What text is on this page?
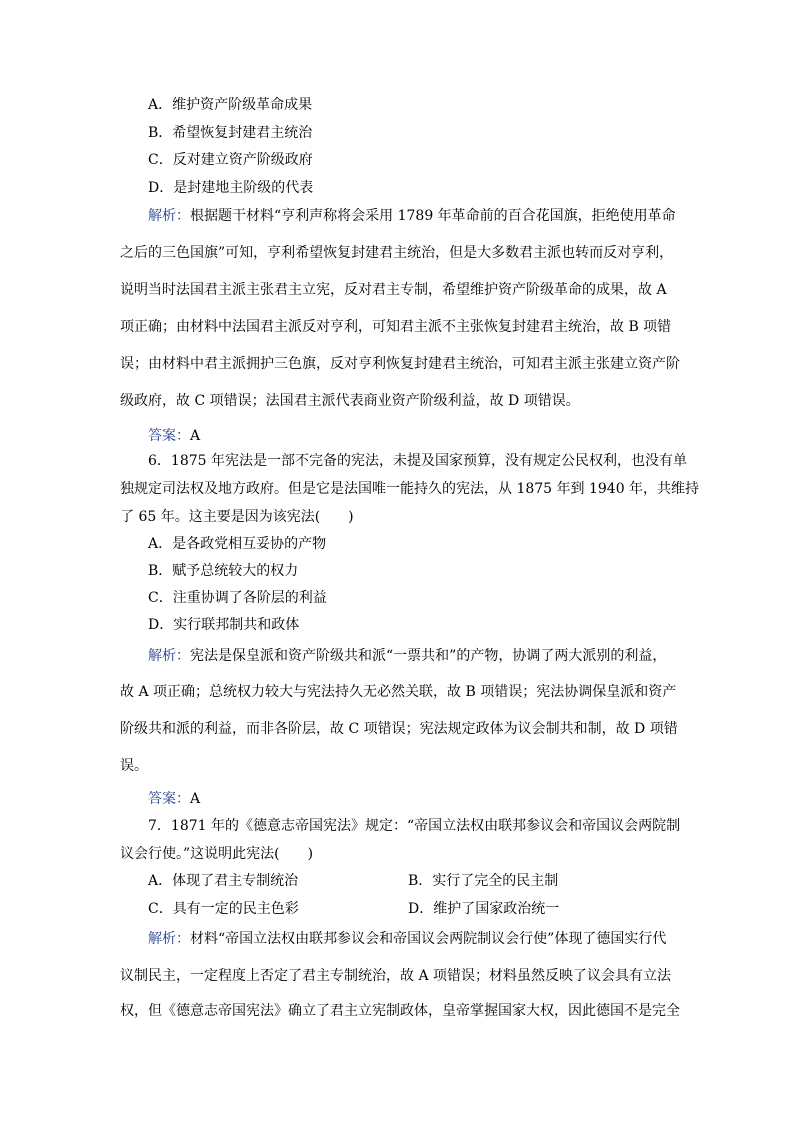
A．维护资产阶级革命成果
B．希望恢复封建君主统治
C．反对建立资产阶级政府
D．是封建地主阶级的代表
解析：根据题干材料“亨利声称将会采用 1789 年革命前的百合花国旗，拒绝使用革命
之后的三色国旗”可知，亨利希望恢复封建君主统治，但是大多数君主派也转而反对亨利，
说明当时法国君主派主张君主立宪，反对君主专制，希望维护资产阶级革命的成果，故 A
项正确；由材料中法国君主派反对亨利，可知君主派不主张恢复封建君主统治，故 B 项错
误；由材料中君主派拥护三色旗，反对亨利恢复封建君主统治，可知君主派主张建立资产阶
级政府，故 C 项错误；法国君主派代表商业资产阶级利益，故 D 项错误。
答案：A
6．1875 年宪法是一部不完备的宪法，未提及国家预算，没有规定公民权利，也没有单
独规定司法权及地方政府。但是它是法国唯一能持久的宪法，从 1875 年到 1940 年，共维持
了 65 年。这主要是因为该宪法(　　)
A．是各政党相互妥协的产物
B．赋予总统较大的权力
C．注重协调了各阶层的利益
D．实行联邦制共和政体
解析：宪法是保皇派和资产阶级共和派“一票共和”的产物，协调了两大派别的利益，
故 A 项正确；总统权力较大与宪法持久无必然关联，故 B 项错误；宪法协调保皇派和资产
阶级共和派的利益，而非各阶层，故 C 项错误；宪法规定政体为议会制共和制，故 D 项错
误。
答案：A
7．1871 年的《德意志帝国宪法》规定：“帝国立法权由联邦参议会和帝国议会两院制
议会行使。”这说明此宪法(　　)
A．体现了君主专制统治	B．实行了完全的民主制
C．具有一定的民主色彩	D．维护了国家政治统一
解析：材料“帝国立法权由联邦参议会和帝国议会两院制议会行使”体现了德国实行代
议制民主，一定程度上否定了君主专制统治，故 A 项错误；材料虽然反映了议会具有立法
权，但《德意志帝国宪法》确立了君主立宪制政体，皇帝掌握国家大权，因此德国不是完全
